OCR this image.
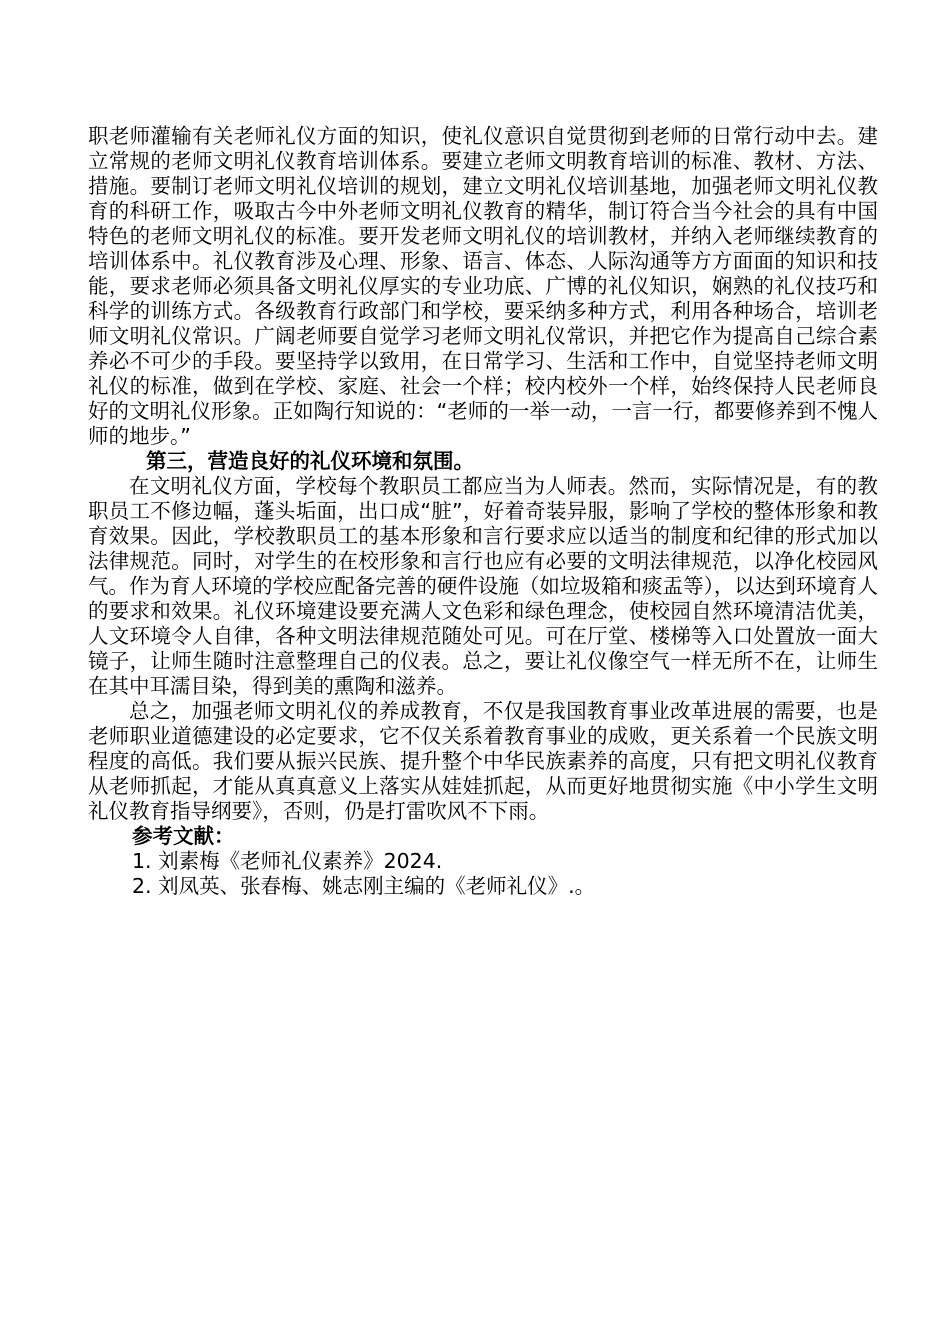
职老师灌输有关老师礼仪方面的知识，使礼仪意识自觉贯彻到老师的日常行动中去。建立常规的老师文明礼仪教育培训体系。要建立老师文明教育培训的标准、教材、方法、措施。要制订老师文明礼仪培训的规划，建立文明礼仪培训基地，加强老师文明礼仪教育的科研工作，吸取古今中外老师文明礼仪教育的精华，制订符合当今社会的具有中国特色的老师文明礼仪的标准。要开发老师文明礼仪的培训教材，并纳入老师继续教育的培训体系中。礼仪教育涉及心理、形象、语言、体态、人际沟通等方方面面的知识和技能，要求老师必须具备文明礼仪厚实的专业功底、广博的礼仪知识，娴熟的礼仪技巧和科学的训练方式。各级教育行政部门和学校，要采纳多种方式，利用各种场合，培训老师文明礼仪常识。广阔老师要自觉学习老师文明礼仪常识，并把它作为提高自己综合素养必不可少的手段。要坚持学以致用，在日常学习、生活和工作中，自觉坚持老师文明礼仪的标准，做到在学校、家庭、社会一个样；校内校外一个样，始终保持人民老师良好的文明礼仪形象。正如陶行知说的：“老师的一举一动，一言一行，都要修养到不愧人师的地步。”

第三，营造良好的礼仪环境和氛围。

在文明礼仪方面，学校每个教职员工都应当为人师表。然而，实际情况是，有的教职员工不修边幅，蓬头垢面，出口成“脏”，好着奇装异服，影响了学校的整体形象和教育效果。因此，学校教职员工的基本形象和言行要求应以适当的制度和纪律的形式加以法律规范。同时，对学生的在校形象和言行也应有必要的文明法律规范，以净化校园风气。作为育人环境的学校应配备完善的硬件设施（如垃圾箱和痰盂等），以达到环境育人的要求和效果。礼仪环境建设要充满人文色彩和绿色理念，使校园自然环境清洁优美，人文环境令人自律，各种文明法律规范随处可见。可在厅堂、楼梯等入口处置放一面大镜子，让师生随时注意整理自己的仪表。总之，要让礼仪像空气一样无所不在，让师生在其中耳濡目染，得到美的熏陶和滋养。

总之，加强老师文明礼仪的养成教育，不仅是我国教育事业改革进展的需要，也是老师职业道德建设的必定要求，它不仅关系着教育事业的成败，更关系着一个民族文明程度的高低。我们要从振兴民族、提升整个中华民族素养的高度，只有把文明礼仪教育从老师抓起，才能从真真意义上落实从娃娃抓起，从而更好地贯彻实施《中小学生文明礼仪教育指导纲要》，否则，仍是打雷吹风不下雨。

参考文献：

1. 刘素梅《老师礼仪素养》2024.

2. 刘凤英、张春梅、姚志刚主编的《老师礼仪》.。
